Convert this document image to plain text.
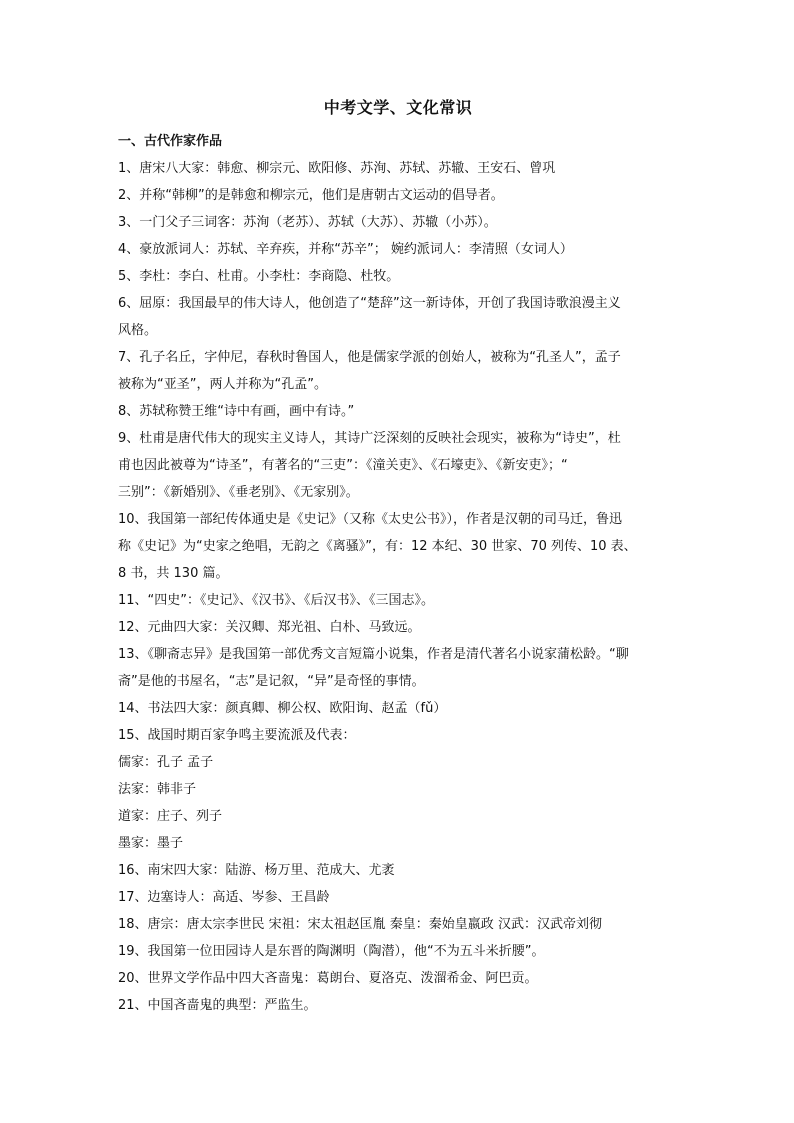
中考文学、文化常识

一、古代作家作品

1、唐宋八大家：韩愈、柳宗元、欧阳修、苏洵、苏轼、苏辙、王安石、曾巩

2、并称“韩柳”的是韩愈和柳宗元，他们是唐朝古文运动的倡导者。

3、一门父子三词客：苏洵（老苏）、苏轼（大苏）、苏辙（小苏）。

4、豪放派词人：苏轼、辛弃疾，并称“苏辛”； 婉约派词人：李清照（女词人）

5、李杜：李白、杜甫。小李杜：李商隐、杜牧。

6、屈原：我国最早的伟大诗人，他创造了“楚辞”这一新诗体，开创了我国诗歌浪漫主义

风格。

7、孔子名丘，字仲尼，春秋时鲁国人，他是儒家学派的创始人，被称为“孔圣人”，孟子

被称为“亚圣”，两人并称为“孔孟”。

8、苏轼称赞王维“诗中有画，画中有诗。”

9、杜甫是唐代伟大的现实主义诗人，其诗广泛深刻的反映社会现实，被称为“诗史”，杜

甫也因此被尊为“诗圣”，有著名的“三吏”：《潼关吏》、《石壕吏》、《新安吏》；“

三别”：《新婚别》、《垂老别》、《无家别》。

10、我国第一部纪传体通史是《史记》（又称《太史公书》），作者是汉朝的司马迁，鲁迅

称《史记》为“史家之绝唱，无韵之《离骚》”，有：12 本纪、30 世家、70 列传、10 表、

8 书，共 130 篇。

11、“四史”：《史记》、《汉书》、《后汉书》、《三国志》。

12、元曲四大家：关汉卿、郑光祖、白朴、马致远。

13、《聊斋志异》是我国第一部优秀文言短篇小说集，作者是清代著名小说家蒲松龄。“聊

斋”是他的书屋名，“志”是记叙，“异”是奇怪的事情。

14、书法四大家：颜真卿、柳公权、欧阳询、赵孟（fǔ）

15、战国时期百家争鸣主要流派及代表：

儒家：孔子 孟子

法家：韩非子

道家：庄子、列子

墨家：墨子

16、南宋四大家：陆游、杨万里、范成大、尤袤

17、边塞诗人：高适、岑参、王昌龄

18、唐宗：唐太宗李世民 宋祖：宋太祖赵匡胤 秦皇：秦始皇嬴政 汉武：汉武帝刘彻

19、我国第一位田园诗人是东晋的陶渊明（陶潜），他“不为五斗米折腰”。

20、世界文学作品中四大吝啬鬼：葛朗台、夏洛克、泼溜希金、阿巴贡。

21、中国吝啬鬼的典型：严监生。
